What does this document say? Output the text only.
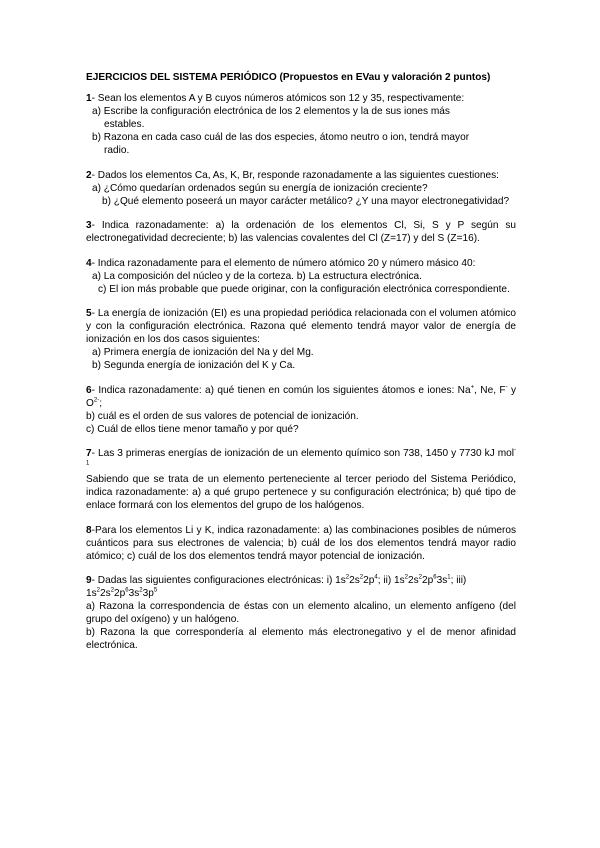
EJERCICIOS DEL SISTEMA PERIÓDICO (Propuestos en EVau y valoración 2 puntos)
1- Sean los elementos A y B cuyos números atómicos son 12 y 35, respectivamente:
a) Escribe la configuración electrónica de los 2 elementos y la de sus iones más
estables.
b) Razona en cada caso cuál de las dos especies, átomo neutro o ion, tendrá mayor
radio.
2- Dados los elementos Ca, As, K, Br, responde razonadamente a las siguientes cuestiones:
a) ¿Cómo quedarían ordenados según su energía de ionización creciente?
b) ¿Qué elemento poseerá un mayor carácter metálico? ¿Y una mayor electronegatividad?
3- Indica razonadamente: a) la ordenación de los elementos Cl, Si, S y P según su electronegatividad decreciente; b) las valencias covalentes del Cl (Z=17) y del S (Z=16).
4- Indica razonadamente para el elemento de número atómico 20 y número másico 40:
a) La composición del núcleo y de la corteza. b) La estructura electrónica.
c) El ion más probable que puede originar, con la configuración electrónica correspondiente.
5- La energía de ionización (EI) es una propiedad periódica relacionada con el volumen atómico y con la configuración electrónica. Razona qué elemento tendrá mayor valor de energía de ionización en los dos casos siguientes:
a) Primera energía de ionización del Na y del Mg.
b) Segunda energía de ionización del K y Ca.
6- Indica razonadamente: a) qué tienen en común los siguientes átomos e iones: Na+, Ne, F- y $O^{2-}$;
b) cuál es el orden de sus valores de potencial de ionización.
c) Cuál de ellos tiene menor tamaño y por qué?
7- Las 3 primeras energías de ionización de un elemento químico son 738, 1450 y 7730 kJ mol$^{-1}$
Sabiendo que se trata de un elemento perteneciente al tercer periodo del Sistema Periódico, indica razonadamente: a) a qué grupo pertenece y su configuración electrónica; b) qué tipo de enlace formará con los elementos del grupo de los halógenos.
8-Para los elementos Li y K, indica razonadamente: a) las combinaciones posibles de números cuánticos para sus electrones de valencia; b) cuál de los dos elementos tendrá mayor radio atómico; c) cuál de los dos elementos tendrá mayor potencial de ionización.
9- Dadas las siguientes configuraciones electrónicas: i) $1s^22s^22p^4$; ii) $1s^22s^22p^63s^1$; iii) $1s^22s^22p^63s^23p^5$
a) Razona la correspondencia de éstas con un elemento alcalino, un elemento anfígeno (del grupo del oxígeno) y un halógeno.
b) Razona la que correspondería al elemento más electronegativo y el de menor afinidad electrónica.
